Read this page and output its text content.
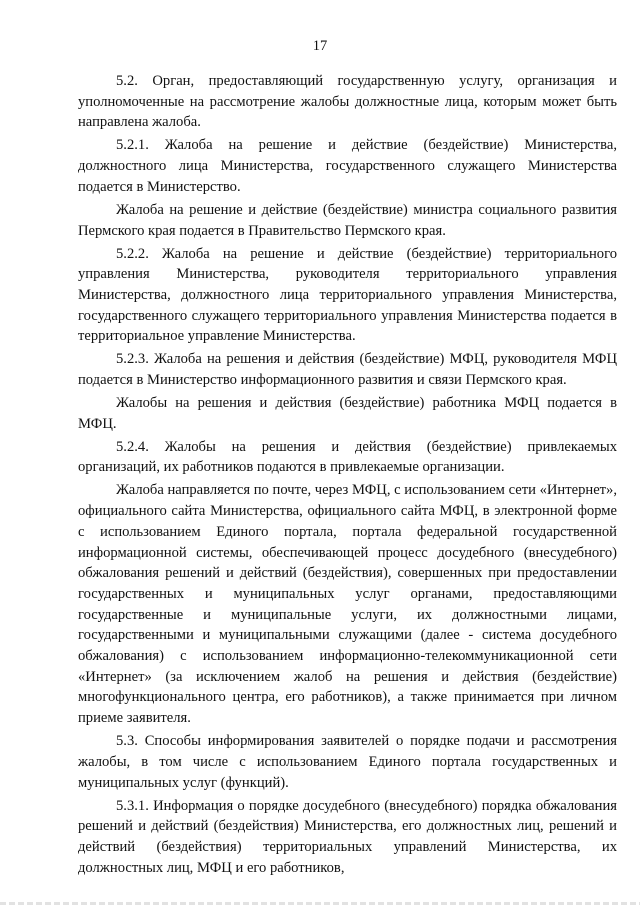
17

5.2. Орган, предоставляющий государственную услугу, организация и уполномоченные на рассмотрение жалобы должностные лица, которым может быть направлена жалоба.

5.2.1. Жалоба на решение и действие (бездействие) Министерства, должностного лица Министерства, государственного служащего Министерства подается в Министерство.

Жалоба на решение и действие (бездействие) министра социального развития Пермского края подается в Правительство Пермского края.

5.2.2. Жалоба на решение и действие (бездействие) территориального управления Министерства, руководителя территориального управления Министерства, должностного лица территориального управления Министерства, государственного служащего территориального управления Министерства подается в территориальное управление Министерства.

5.2.3. Жалоба на решения и действия (бездействие) МФЦ, руководителя МФЦ подается в Министерство информационного развития и связи Пермского края.

Жалобы на решения и действия (бездействие) работника МФЦ подается в МФЦ.

5.2.4. Жалобы на решения и действия (бездействие) привлекаемых организаций, их работников подаются в привлекаемые организации.

Жалоба направляется по почте, через МФЦ, с использованием сети «Интернет», официального сайта Министерства, официального сайта МФЦ, в электронной форме с использованием Единого портала, портала федеральной государственной информационной системы, обеспечивающей процесс досудебного (внесудебного) обжалования решений и действий (бездействия), совершенных при предоставлении государственных и муниципальных услуг органами, предоставляющими государственные и муниципальные услуги, их должностными лицами, государственными и муниципальными служащими (далее - система досудебного обжалования) с использованием информационно-телекоммуникационной сети «Интернет» (за исключением жалоб на решения и действия (бездействие) многофункционального центра, его работников), а также принимается при личном приеме заявителя.

5.3. Способы информирования заявителей о порядке подачи и рассмотрения жалобы, в том числе с использованием Единого портала государственных и муниципальных услуг (функций).

5.3.1. Информация о порядке досудебного (внесудебного) порядка обжалования решений и действий (бездействия) Министерства, его должностных лиц, решений и действий (бездействия) территориальных управлений Министерства, их должностных лиц, МФЦ и его работников,
